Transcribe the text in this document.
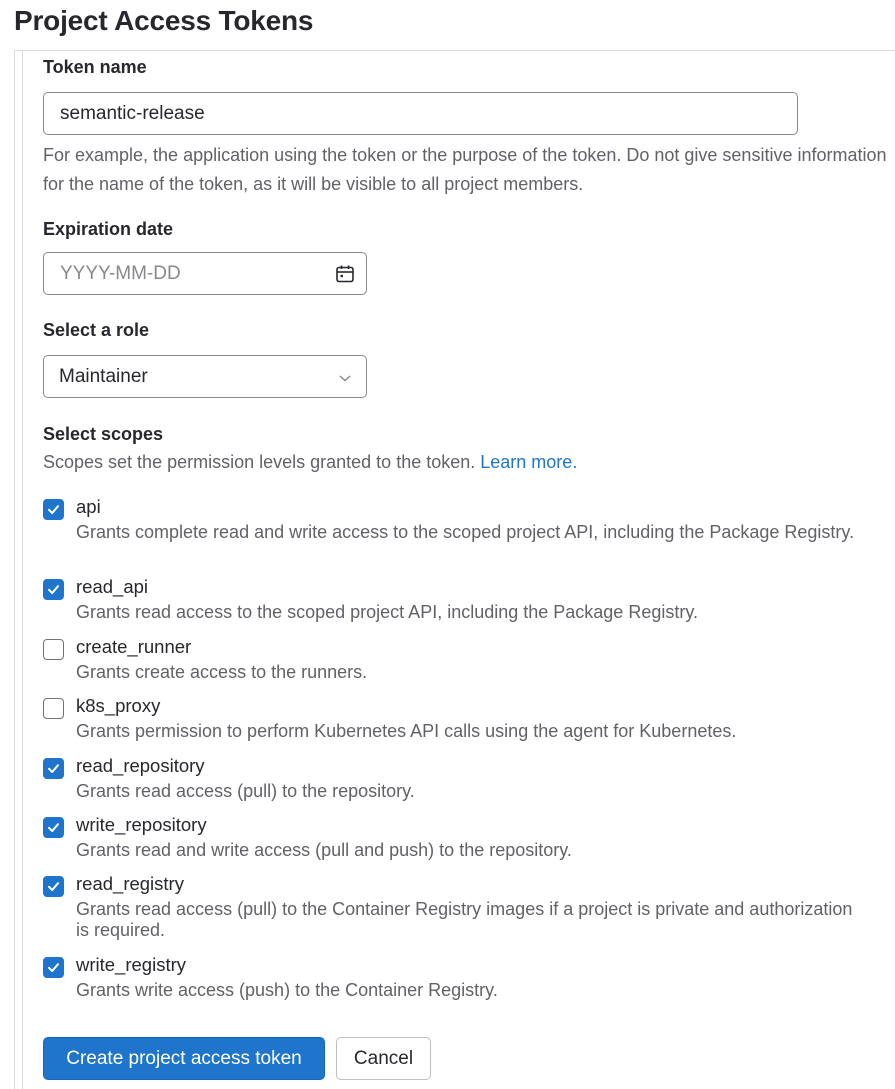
Project Access Tokens
Token name
semantic-release

For example, the application using the token or the purpose of the token. Do not give sensitive information for the name of the token, as it will be visible to all project members.

Expiration date
YYYY-MM-DD
Select a role
Maintainer
Select scopes

Scopes set the permission levels granted to the token. Learn more.

api
Grants complete read and write access to the scoped project API, including the Package Registry.
read_api
Grants read access to the scoped project API, including the Package Registry.
create_runner
Grants create access to the runners.
k8s_proxy
Grants permission to perform Kubernetes API calls using the agent for Kubernetes.
read_repository
Grants read access (pull) to the repository.
write_repository
Grants read and write access (pull and push) to the repository.
read_registry
Grants read access (pull) to the Container Registry images if a project is private and authorization is required.
write_registry
Grants write access (push) to the Container Registry.
Create project access token	Cancel
